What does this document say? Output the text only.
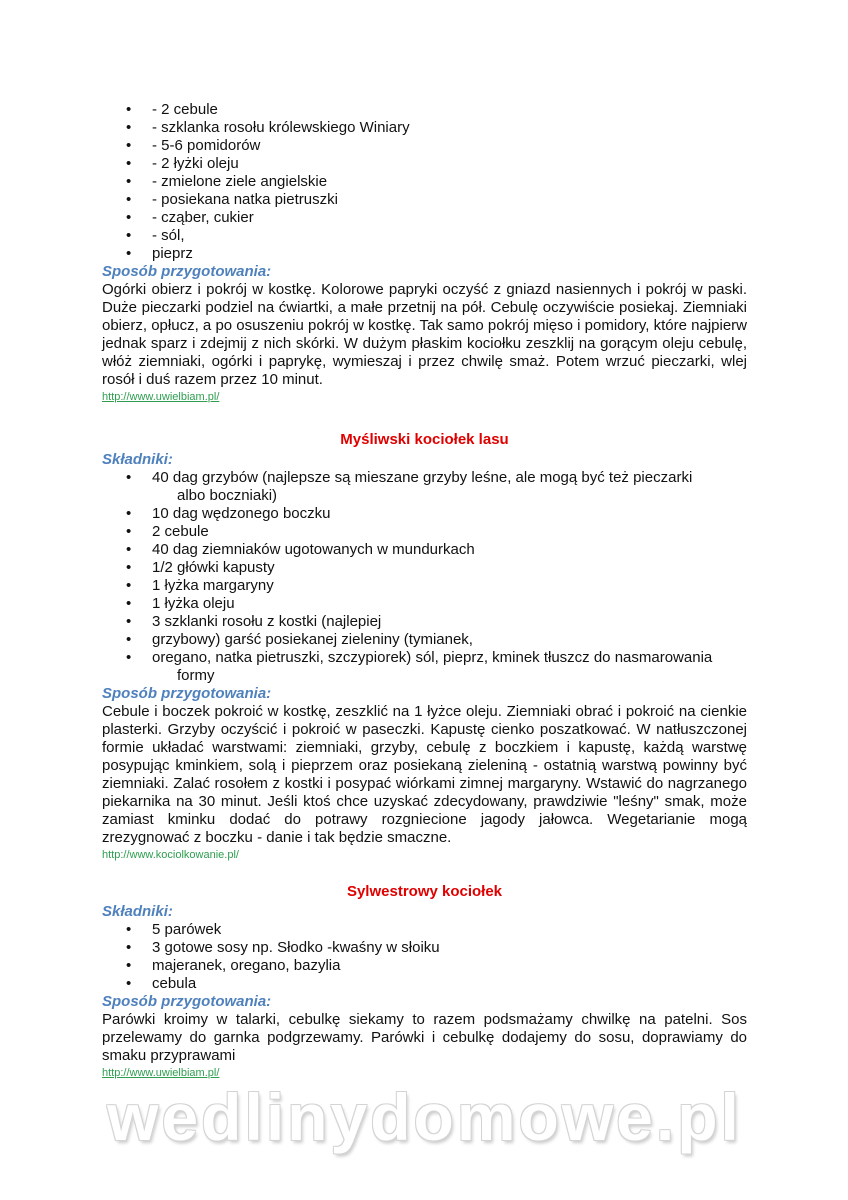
• - 2 cebule
• - szklanka rosołu królewskiego Winiary
• - 5-6 pomidorów
• - 2 łyżki oleju
• - zmielone ziele angielskie
• - posiekana natka pietruszki
• - cząber, cukier
• - sól,
• pieprz
Sposób przygotowania:
Ogórki obierz i pokrój w kostkę. Kolorowe papryki oczyść z gniazd nasiennych i pokrój w paski. Duże pieczarki podziel na ćwiartki, a małe przetnij na pół. Cebulę oczywiście posiekaj. Ziemniaki obierz, opłucz, a po osuszeniu pokrój w kostkę. Tak samo pokrój mięso i pomidory, które najpierw jednak sparz i zdejmij z nich skórki. W dużym płaskim kociołku zeszklij na gorącym oleju cebulę, włóż ziemniaki, ogórki i paprykę, wymieszaj i przez chwilę smaż. Potem wrzuć pieczarki, wlej rosół i duś razem przez 10 minut.
http://www.uwielbiam.pl/
Myśliwski kociołek lasu
Składniki:
• 40 dag grzybów (najlepsze są mieszane grzyby leśne, ale mogą być też pieczarki
albo boczniaki)
• 10 dag wędzonego boczku
• 2 cebule
• 40 dag ziemniaków ugotowanych w mundurkach
• 1/2 główki kapusty
• 1 łyżka margaryny
• 1 łyżka oleju
• 3 szklanki rosołu z kostki (najlepiej
• grzybowy) garść posiekanej zieleniny (tymianek,
• oregano, natka pietruszki, szczypiorek) sól, pieprz, kminek tłuszcz do nasmarowania
formy
Sposób przygotowania:
Cebule i boczek pokroić w kostkę, zeszklić na 1 łyżce oleju. Ziemniaki obrać i pokroić na cienkie plasterki. Grzyby oczyścić i pokroić w paseczki. Kapustę cienko poszatkować. W natłuszczonej formie układać warstwami: ziemniaki, grzyby, cebulę z boczkiem i kapustę, każdą warstwę posypując kminkiem, solą i pieprzem oraz posiekaną zieleniną - ostatnią warstwą powinny być ziemniaki. Zalać rosołem z kostki i posypać wiórkami zimnej margaryny. Wstawić do nagrzanego piekarnika na 30 minut. Jeśli ktoś chce uzyskać zdecydowany, prawdziwie "leśny" smak, może zamiast kminku dodać do potrawy rozgniecione jagody jałowca. Wegetarianie mogą zrezygnować z boczku - danie i tak będzie smaczne.
http://www.kociolkowanie.pl/
Sylwestrowy kociołek
Składniki:
• 5 parówek
• 3 gotowe sosy np. Słodko -kwaśny w słoiku
• majeranek, oregano, bazylia
• cebula
Sposób przygotowania:
Parówki kroimy w talarki, cebulkę siekamy to razem podsmażamy chwilkę na patelni. Sos przelewamy do garnka podgrzewamy. Parówki i cebulkę dodajemy do sosu, doprawiamy do smaku przyprawami
http://www.uwielbiam.pl/
wedlinydomowe.pl
